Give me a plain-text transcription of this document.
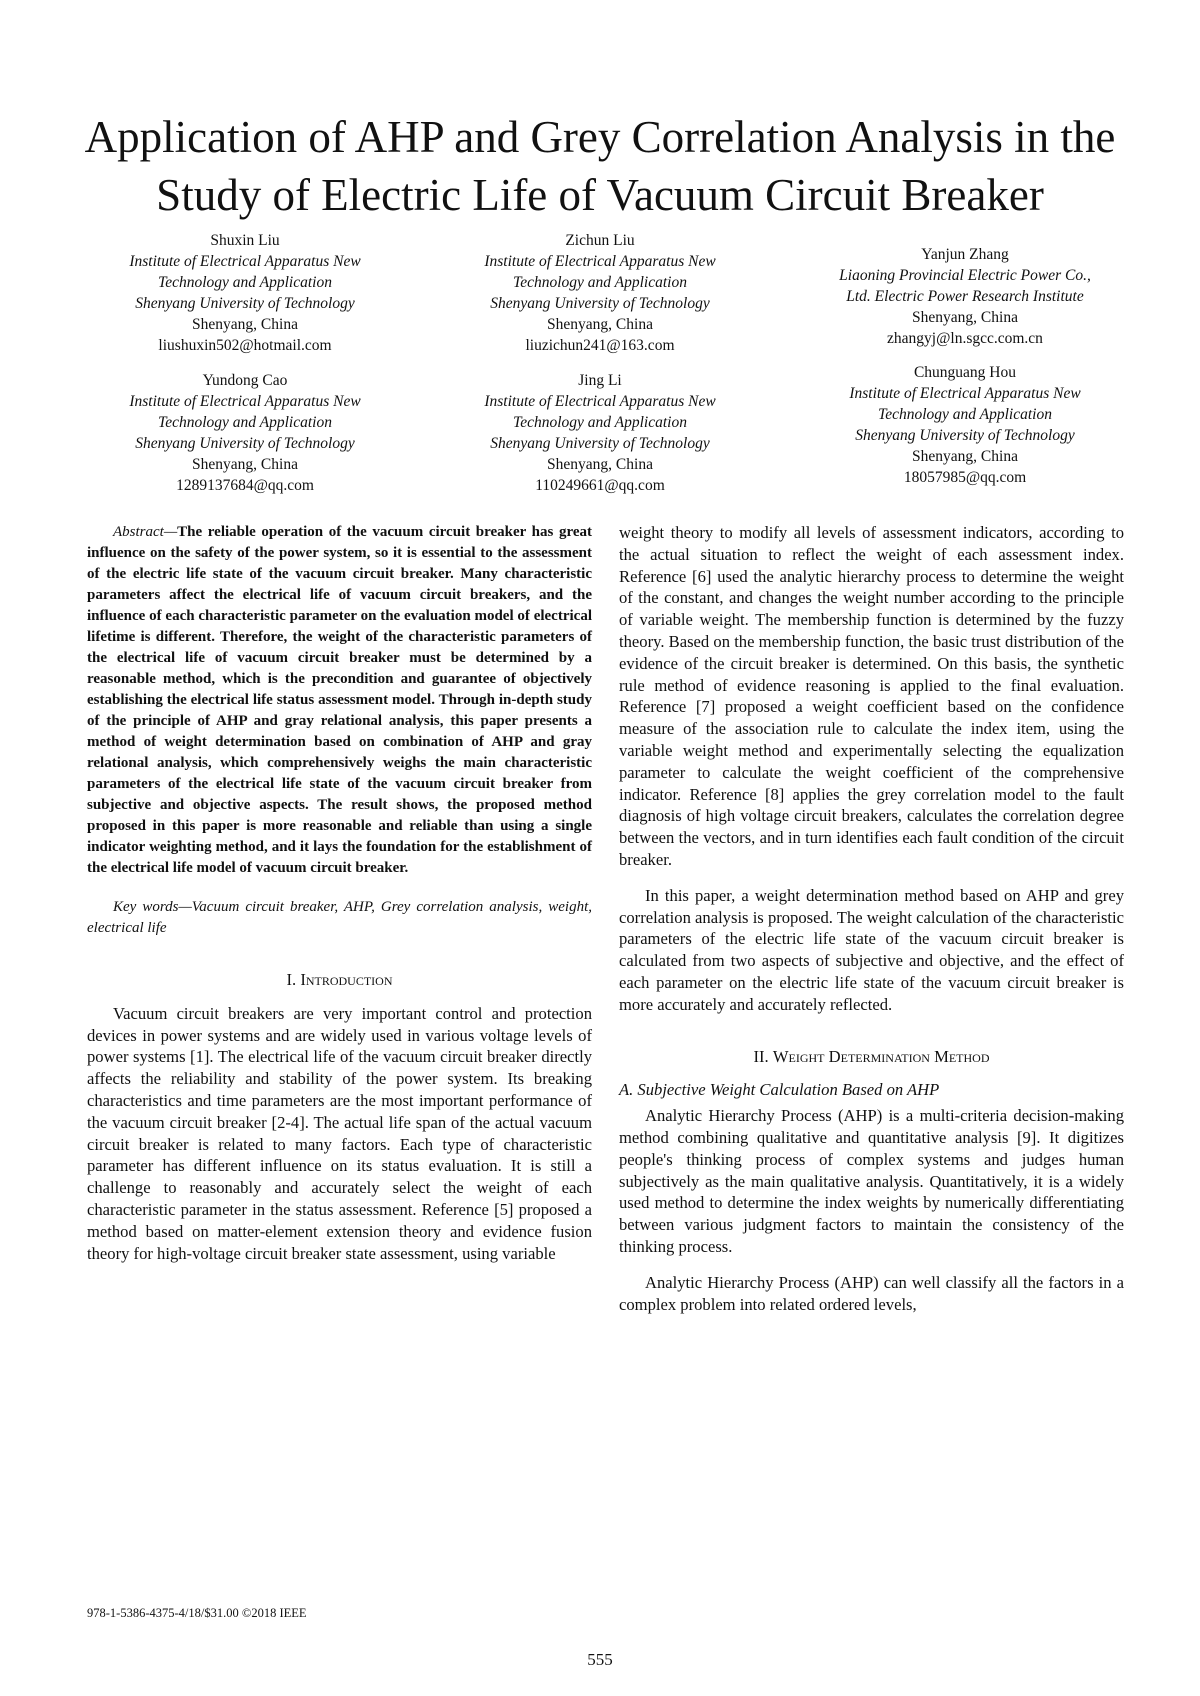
Application of AHP and Grey Correlation Analysis in the Study of Electric Life of Vacuum Circuit Breaker
Shuxin Liu
Institute of Electrical Apparatus New
Technology and Application
Shenyang University of Technology
Shenyang, China
liushuxin502@hotmail.com
Zichun Liu
Institute of Electrical Apparatus New
Technology and Application
Shenyang University of Technology
Shenyang, China
liuzichun241@163.com
Yanjun Zhang
Liaoning Provincial Electric Power Co.,
Ltd. Electric Power Research Institute
Shenyang, China
zhangyj@ln.sgcc.com.cn
Yundong Cao
Institute of Electrical Apparatus New
Technology and Application
Shenyang University of Technology
Shenyang, China
1289137684@qq.com
Jing Li
Institute of Electrical Apparatus New
Technology and Application
Shenyang University of Technology
Shenyang, China
110249661@qq.com
Chunguang Hou
Institute of Electrical Apparatus New
Technology and Application
Shenyang University of Technology
Shenyang, China
18057985@qq.com

Abstract—The reliable operation of the vacuum circuit breaker has great influence on the safety of the power system, so it is essential to the assessment of the electric life state of the vacuum circuit breaker. Many characteristic parameters affect the electrical life of vacuum circuit breakers, and the influence of each characteristic parameter on the evaluation model of electrical lifetime is different. Therefore, the weight of the characteristic parameters of the electrical life of vacuum circuit breaker must be determined by a reasonable method, which is the precondition and guarantee of objectively establishing the electrical life status assessment model. Through in-depth study of the principle of AHP and gray relational analysis, this paper presents a method of weight determination based on combination of AHP and gray relational analysis, which comprehensively weighs the main characteristic parameters of the electrical life state of the vacuum circuit breaker from subjective and objective aspects. The result shows, the proposed method proposed in this paper is more reasonable and reliable than using a single indicator weighting method, and it lays the foundation for the establishment of the electrical life model of vacuum circuit breaker.

Key words—Vacuum circuit breaker, AHP, Grey correlation analysis, weight, electrical life

I. Introduction

Vacuum circuit breakers are very important control and protection devices in power systems and are widely used in various voltage levels of power systems [1]. The electrical life of the vacuum circuit breaker directly affects the reliability and stability of the power system. Its breaking characteristics and time parameters are the most important performance of the vacuum circuit breaker [2-4]. The actual life span of the actual vacuum circuit breaker is related to many factors. Each type of characteristic parameter has different influence on its status evaluation. It is still a challenge to reasonably and accurately select the weight of each characteristic parameter in the status assessment. Reference [5] proposed a method based on matter-element extension theory and evidence fusion theory for high-voltage circuit breaker state assessment, using variable

weight theory to modify all levels of assessment indicators, according to the actual situation to reflect the weight of each assessment index. Reference [6] used the analytic hierarchy process to determine the weight of the constant, and changes the weight number according to the principle of variable weight. The membership function is determined by the fuzzy theory. Based on the membership function, the basic trust distribution of the evidence of the circuit breaker is determined. On this basis, the synthetic rule method of evidence reasoning is applied to the final evaluation. Reference [7] proposed a weight coefficient based on the confidence measure of the association rule to calculate the index item, using the variable weight method and experimentally selecting the equalization parameter to calculate the weight coefficient of the comprehensive indicator. Reference [8] applies the grey correlation model to the fault diagnosis of high voltage circuit breakers, calculates the correlation degree between the vectors, and in turn identifies each fault condition of the circuit breaker.

In this paper, a weight determination method based on AHP and grey correlation analysis is proposed. The weight calculation of the characteristic parameters of the electric life state of the vacuum circuit breaker is calculated from two aspects of subjective and objective, and the effect of each parameter on the electric life state of the vacuum circuit breaker is more accurately and accurately reflected.

II. Weight Determination Method

A. Subjective Weight Calculation Based on AHP

Analytic Hierarchy Process (AHP) is a multi-criteria decision-making method combining qualitative and quantitative analysis [9]. It digitizes people's thinking process of complex systems and judges human subjectively as the main qualitative analysis. Quantitatively, it is a widely used method to determine the index weights by numerically differentiating between various judgment factors to maintain the consistency of the thinking process.

Analytic Hierarchy Process (AHP) can well classify all the factors in a complex problem into related ordered levels,

978-1-5386-4375-4/18/$31.00 ©2018 IEEE
555
